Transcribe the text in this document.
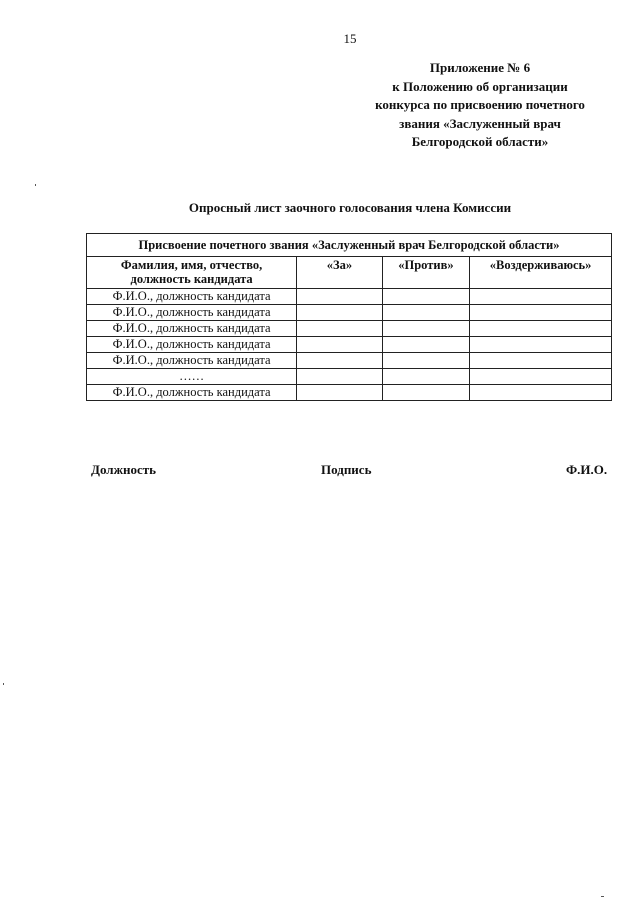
15
Приложение № 6
к Положению об организации
конкурса по присвоению почетного
звания «Заслуженный врач
Белгородской области»
Опросный лист заочного голосования члена Комиссии
Присвоение почетного звания «Заслуженный врач Белгородской области»			
Фамилия, имя, отчество, должность кандидата	«За»	«Против»	«Воздерживаюсь»
Ф.И.О., должность кандидата			
Ф.И.О., должность кандидата			
Ф.И.О., должность кандидата			
Ф.И.О., должность кандидата			
Ф.И.О., должность кандидата			
……			
Ф.И.О., должность кандидата			
Должность	Подпись	Ф.И.О.
